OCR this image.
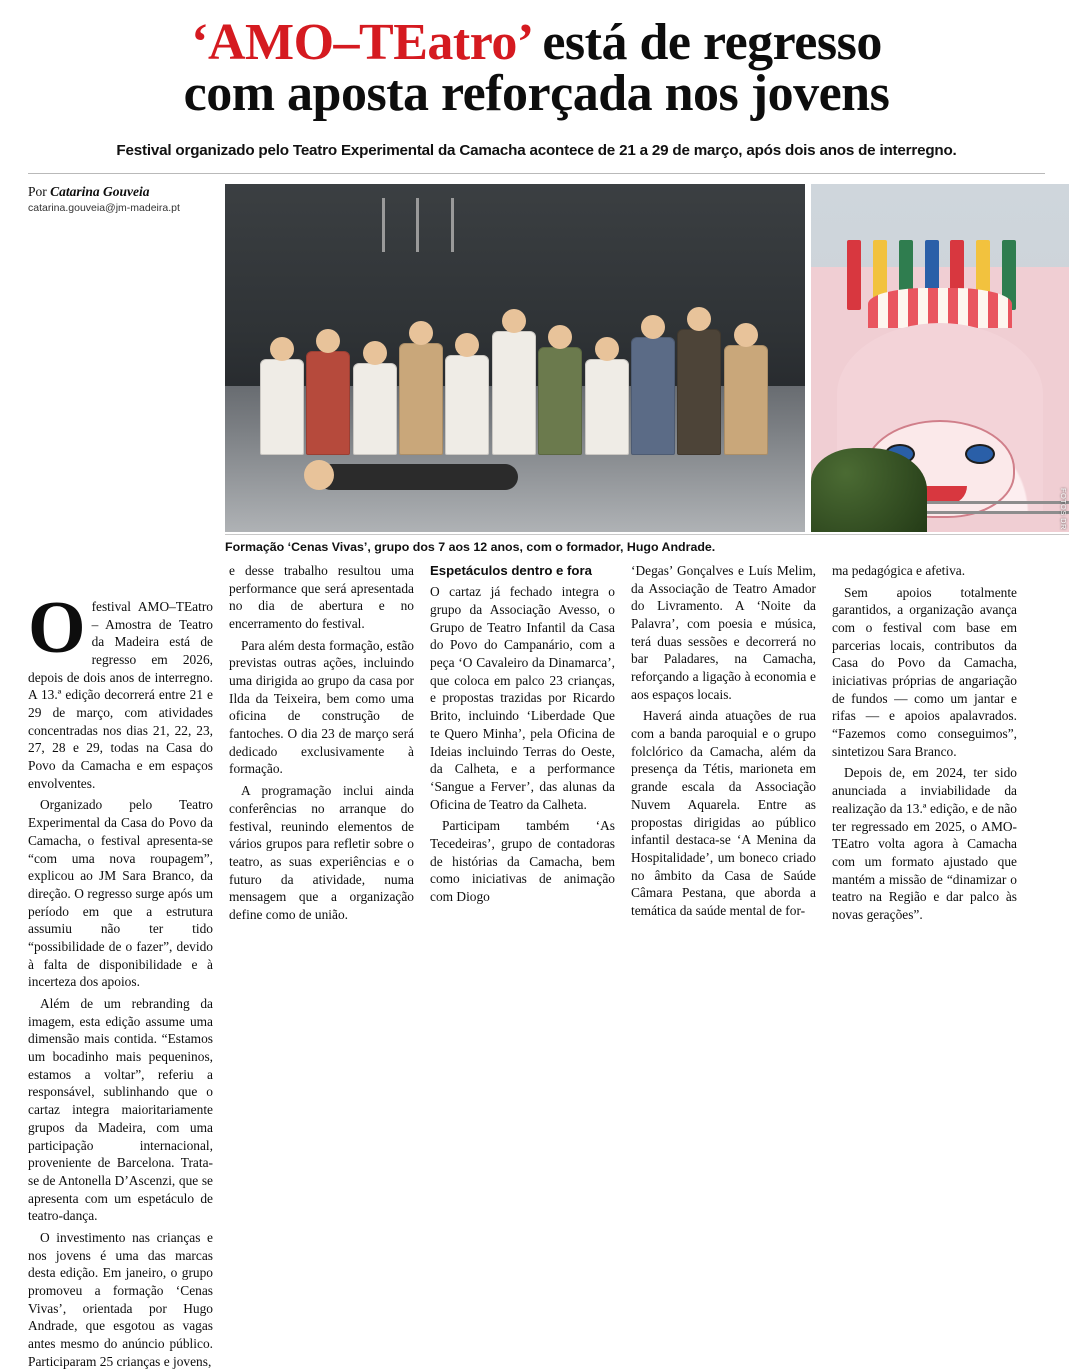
‘AMO–TEatro’ está de regresso
com aposta reforçada nos jovens
Festival organizado pelo Teatro Experimental da Camacha acontece de 21 a 29 de março, após dois anos de interregno.

Por Catarina Gouveia

catarina.gouveia@jm-madeira.pt
FOTOS DR
Formação ‘Cenas Vivas’, grupo dos 7 aos 12 anos, com o formador, Hugo Andrade.

Ofestival AMO–TEatro – Amostra de Teatro da Madeira está de regresso em 2026, depois de dois anos de interregno. A 13.ª edição decorrerá entre 21 e 29 de março, com atividades concentradas nos dias 21, 22, 23, 27, 28 e 29, todas na Casa do Povo da Camacha e em espaços envolventes.

Organizado pelo Teatro Experimental da Casa do Povo da Camacha, o festival apresenta-se “com uma nova roupagem”, explicou ao JM Sara Branco, da direção. O regresso surge após um período em que a estrutura assumiu não ter tido “possibilidade de o fazer”, devido à falta de disponibilidade e à incerteza dos apoios.

Além de um rebranding da imagem, esta edição assume uma dimensão mais contida. “Estamos um bocadinho mais pequeninos, estamos a voltar”, referiu a responsável, sublinhando que o cartaz integra maioritariamente grupos da Madeira, com uma participação internacional, proveniente de Barcelona. Trata-se de Antonella D’Ascenzi, que se apresenta com um espetáculo de teatro-dança.

O investimento nas crianças e nos jovens é uma das marcas desta edição. Em janeiro, o grupo promoveu a formação ‘Cenas Vivas’, orientada por Hugo Andrade, que esgotou as vagas antes mesmo do anúncio público. Participaram 25 crianças e jovens,

e desse trabalho resultou uma performance que será apresentada no dia de abertura e no encerramento do festival.

Para além desta formação, estão previstas outras ações, incluindo uma dirigida ao grupo da casa por Ilda da Teixeira, bem como uma oficina de construção de fantoches. O dia 23 de março será dedicado exclusivamente à formação.

A programação inclui ainda conferências no arranque do festival, reunindo elementos de vários grupos para refletir sobre o teatro, as suas experiências e o futuro da atividade, numa mensagem que a organização define como de união.

Espetáculos dentro e fora

O cartaz já fechado integra o grupo da Associação Avesso, o Grupo de Teatro Infantil da Casa do Povo do Campanário, com a peça ‘O Cavaleiro da Dinamarca’, que coloca em palco 23 crianças, e propostas trazidas por Ricardo Brito, incluindo ‘Liberdade Que te Quero Minha’, pela Oficina de Ideias incluindo Terras do Oeste, da Calheta, e a performance ‘Sangue a Ferver’, das alunas da Oficina de Teatro da Calheta.

Participam também ‘As Tecedeiras’, grupo de contadoras de histórias da Camacha, bem como iniciativas de animação com Diogo

‘Degas’ Gonçalves e Luís Melim, da Associação de Teatro Amador do Livramento. A ‘Noite da Palavra’, com poesia e música, terá duas sessões e decorrerá no bar Paladares, na Camacha, reforçando a ligação à economia e aos espaços locais.

Haverá ainda atuações de rua com a banda paroquial e o grupo folclórico da Camacha, além da presença da Tétis, marioneta em grande escala da Associação Nuvem Aquarela. Entre as propostas dirigidas ao público infantil destaca-se ‘A Menina da Hospitalidade’, um boneco criado no âmbito da Casa de Saúde Câmara Pestana, que aborda a temática da saúde mental de for-

ma pedagógica e afetiva.

Sem apoios totalmente garantidos, a organização avança com o festival com base em parcerias locais, contributos da Casa do Povo da Camacha, iniciativas próprias de angariação de fundos — como um jantar e rifas — e apoios apalavrados. “Fazemos como conseguimos”, sintetizou Sara Branco.

Depois de, em 2024, ter sido anunciada a inviabilidade da realização da 13.ª edição, e de não ter regressado em 2025, o AMO-TEatro volta agora à Camacha com um formato ajustado que mantém a missão de “dinamizar o teatro na Região e dar palco às novas gerações”.
